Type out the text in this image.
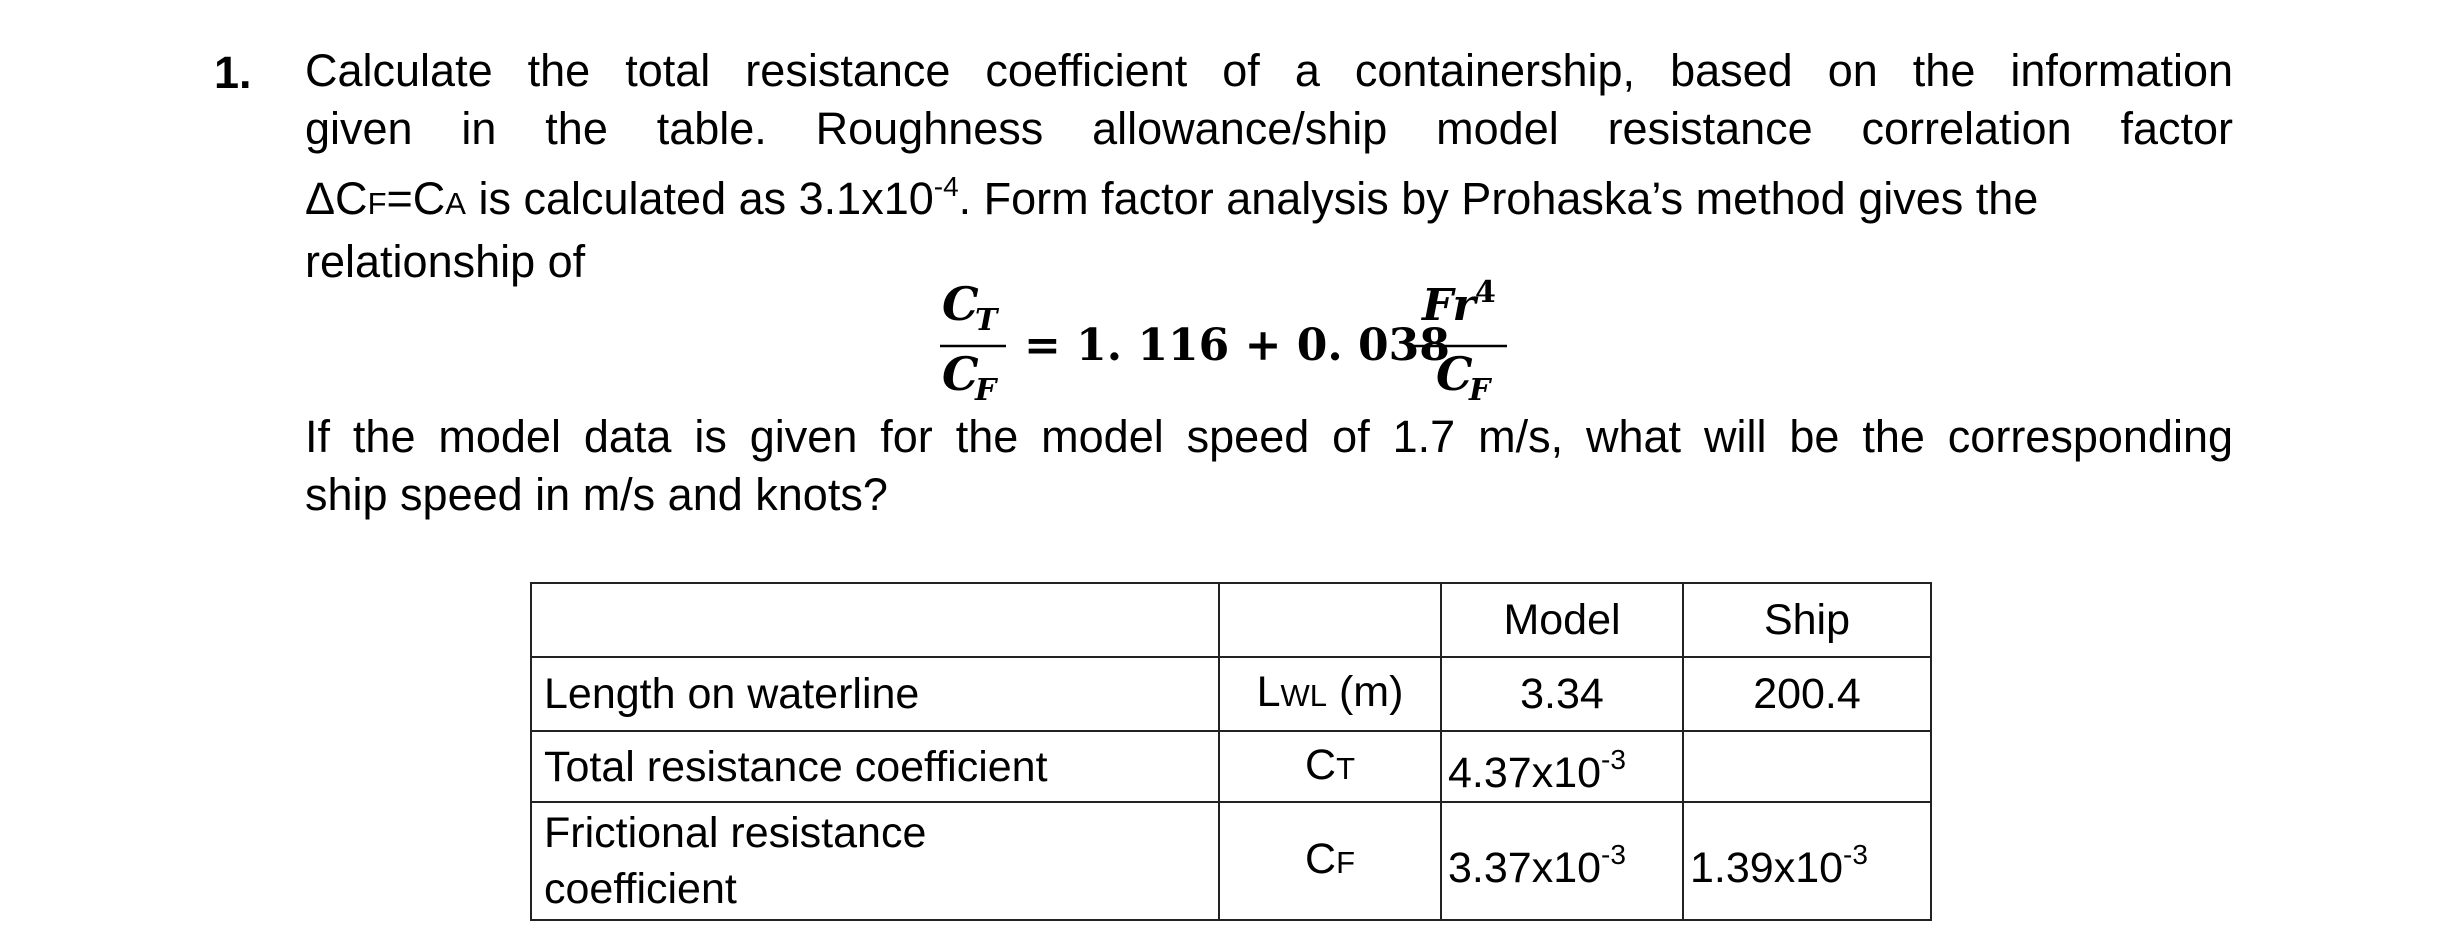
1. Calculate the total resistance coefficient of a containership, based on the information
given in the table. Roughness allowance/ship model resistance correlation factor
ΔCF=CA is calculated as $3.1x10^{-4}$. Form factor analysis by Prohaska’s method gives the
relationship of

C
T
C
F
= 1. 116 + 0. 038
Fr 4
C
F

If the model data is given for the model speed of 1.7 m/s, what will be the corresponding
ship speed in m/s and knots?

		Model	Ship
Length on waterline	LWL (m)	3.34	200.4
Total resistance coefficient	CT	$4.37x10^{-3}$	
Frictional resistance
coefficient	CF	$3.37x10^{-3}$	$1.39x10^{-3}$
